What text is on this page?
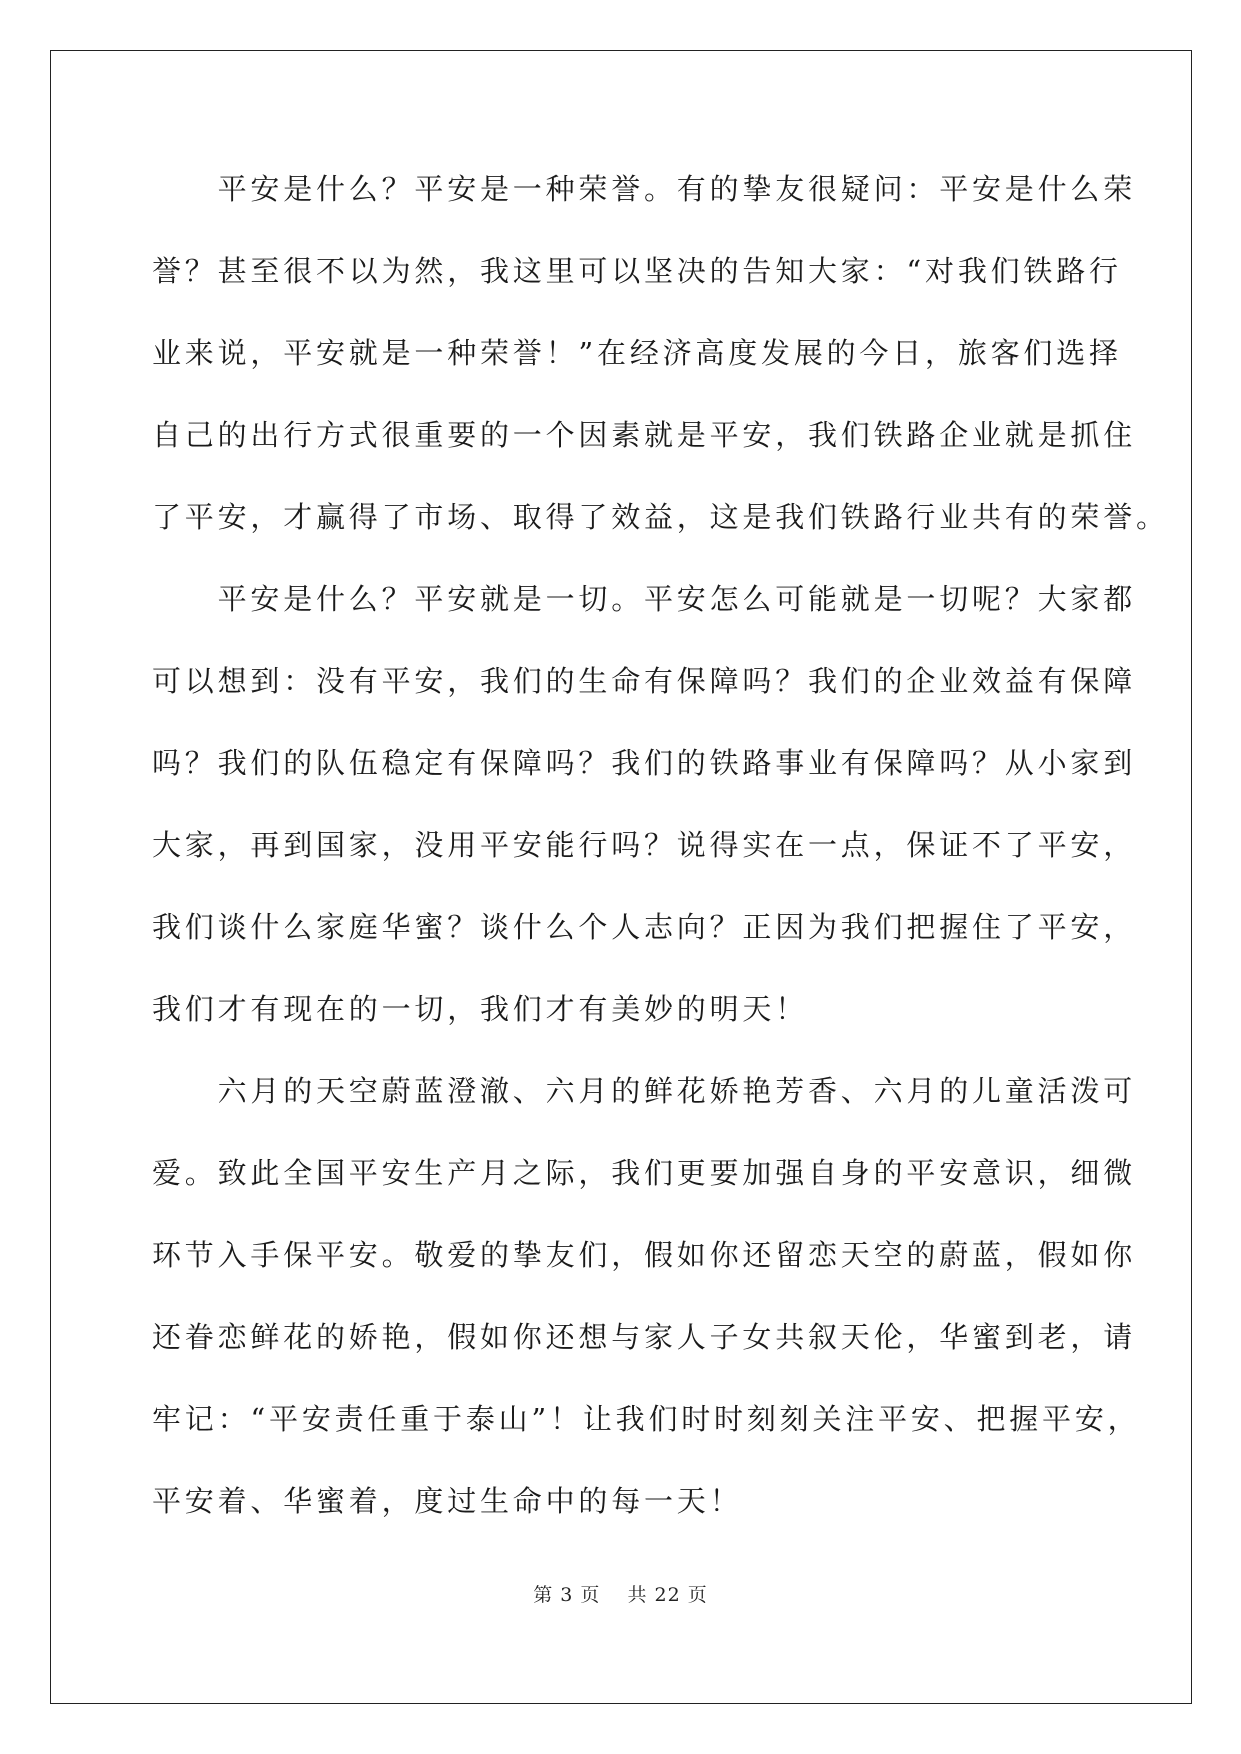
　　平安是什么？平安是一种荣誉。有的挚友很疑问：平安是什么荣
誉？甚至很不以为然，我这里可以坚决的告知大家：“对我们铁路行
业来说，平安就是一种荣誉！”在经济高度发展的今日，旅客们选择
自己的出行方式很重要的一个因素就是平安，我们铁路企业就是抓住
了平安，才赢得了市场、取得了效益，这是我们铁路行业共有的荣誉。
　　平安是什么？平安就是一切。平安怎么可能就是一切呢？大家都
可以想到：没有平安，我们的生命有保障吗？我们的企业效益有保障
吗？我们的队伍稳定有保障吗？我们的铁路事业有保障吗？从小家到
大家，再到国家，没用平安能行吗？说得实在一点，保证不了平安，
我们谈什么家庭华蜜？谈什么个人志向？正因为我们把握住了平安，
我们才有现在的一切，我们才有美妙的明天！
　　六月的天空蔚蓝澄澈、六月的鲜花娇艳芳香、六月的儿童活泼可
爱。致此全国平安生产月之际，我们更要加强自身的平安意识，细微
环节入手保平安。敬爱的挚友们，假如你还留恋天空的蔚蓝，假如你
还眷恋鲜花的娇艳，假如你还想与家人子女共叙天伦，华蜜到老，请
牢记：“平安责任重于泰山”！让我们时时刻刻关注平安、把握平安，
平安着、华蜜着，度过生命中的每一天！
第 3 页　 共 22 页
